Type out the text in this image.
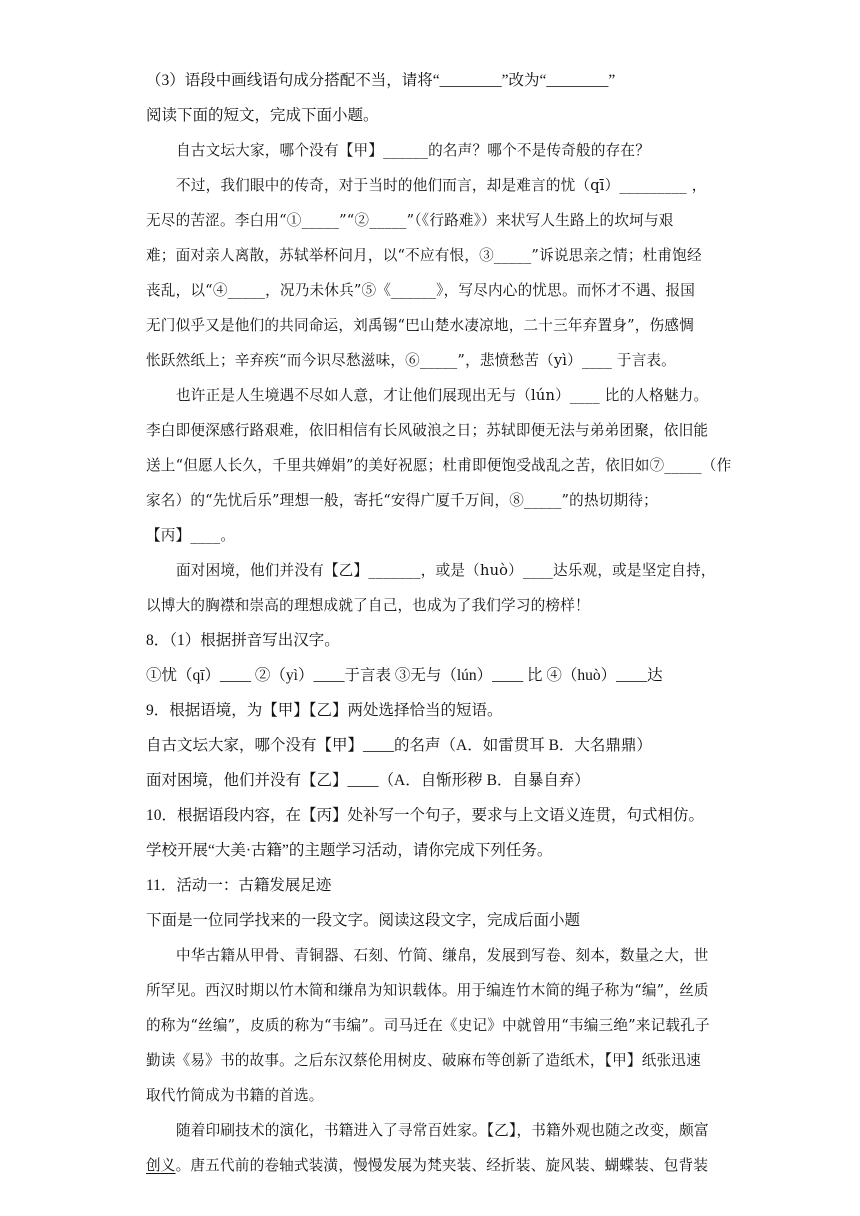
（3）语段中画线语句成分搭配不当，请将“________”改为“________”
阅读下面的短文，完成下面小题。
自古文坛大家，哪个没有【甲】______的名声？哪个不是传奇般的存在？
不过，我们眼中的传奇，对于当时的他们而言，却是难言的忧（qī）_________ ，
无尽的苦涩。李白用“①_____”“②_____”（《行路难》）来状写人生路上的坎坷与艰
难；面对亲人离散，苏轼举杯问月，以“不应有恨，③_____”诉说思亲之情；杜甫饱经
丧乱，以“④_____，况乃未休兵”⑤《______》，写尽内心的忧思。而怀才不遇、报国
无门似乎又是他们的共同命运，刘禹锡“巴山楚水凄凉地，二十三年弃置身”，伤感惆
怅跃然纸上；辛弃疾“而今识尽愁滋味，⑥_____”，悲愤愁苦（yì）____ 于言表。
也许正是人生境遇不尽如人意，才让他们展现出无与（lún）____ 比的人格魅力。
李白即便深感行路艰难，依旧相信有长风破浪之日；苏轼即便无法与弟弟团聚，依旧能
送上“但愿人长久，千里共婵娟”的美好祝愿；杜甫即便饱受战乱之苦，依旧如⑦_____（作
家名）的“先忧后乐”理想一般，寄托“安得广厦千万间，⑧_____”的热切期待；
【丙】____。
面对困境，他们并没有【乙】_______，或是（huò）____达乐观，或是坚定自持，
以博大的胸襟和崇高的理想成就了自己，也成为了我们学习的榜样！
8．（1）根据拼音写出汉字。
①忧（qī）____ ②（yì）____于言表 ③无与（lún）____ 比 ④（huò）____达
9．根据语境，为【甲】【乙】两处选择恰当的短语。
自古文坛大家，哪个没有【甲】____的名声（A．如雷贯耳 B．大名鼎鼎）
面对困境，他们并没有【乙】____（A．自惭形秽 B．自暴自弃）
10．根据语段内容，在【丙】处补写一个句子，要求与上文语义连贯，句式相仿。
学校开展“大美·古籍”的主题学习活动，请你完成下列任务。
11．活动一：古籍发展足迹
下面是一位同学找来的一段文字。阅读这段文字，完成后面小题
中华古籍从甲骨、青铜器、石刻、竹简、缣帛，发展到写卷、刻本，数量之大，世
所罕见。西汉时期以竹木简和缣帛为知识载体。用于编连竹木简的绳子称为“编”，丝质
的称为“丝编”，皮质的称为“韦编”。司马迁在《史记》中就曾用“韦编三绝”来记载孔子
勤读《易》书的故事。之后东汉蔡伦用树皮、破麻布等创新了造纸术，【甲】纸张迅速
取代竹简成为书籍的首选。
随着印刷技术的演化，书籍进入了寻常百姓家。【乙】，书籍外观也随之改变，颇富
创义。唐五代前的卷轴式装潢，慢慢发展为梵夹装、经折装、旋风装、蝴蝶装、包背装
